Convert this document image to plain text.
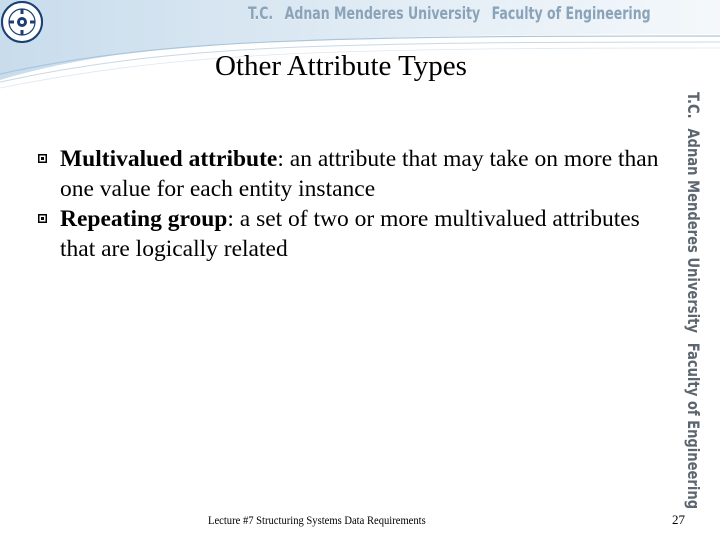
T.C. Adnan Menderes University Faculty of Engineering
T.C.Adnan Menderes UniversityFaculty of Engineering
Other Attribute Types
Multivalued attribute: an attribute that may take on more than one value for each entity instance
Repeating group: a set of two or more multivalued attributes that are logically related
Lecture #7 Structuring Systems Data Requirements	27
